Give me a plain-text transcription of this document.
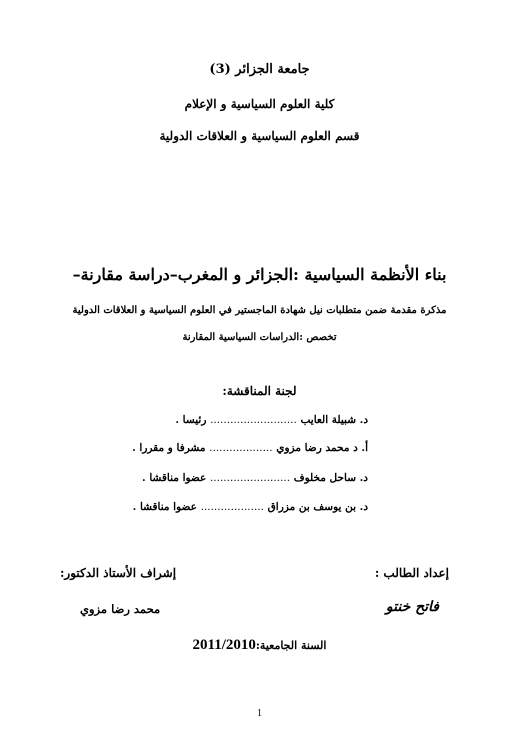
جامعة الجزائر (3)
كلية العلوم السياسية و الإعلام
قسم العلوم السياسية و العلاقات الدولية
بناء الأنظمة السياسية :الجزائر و المغرب–دراسة مقارنة–
مذكرة مقدمة ضمن متطلبات نيل شهادة الماجستير في العلوم السياسية و العلاقات الدولية
تخصص :الدراسات السياسية المقارنة
لجنة المناقشة:
د. شبيلة العايب .......................... رئيسا .
أ. د محمد رضا مزوي ................... مشرفا و مقررا .
د. ساحل مخلوف ........................ عضوا مناقشا .
د. بن يوسف بن مزراق ................... عضوا مناقشا .
إعداد الطالب :
فاتح خنتو
إشراف الأستاذ الدكتور:
محمد رضا مزوي
السنة الجامعية:2011/2010
1
